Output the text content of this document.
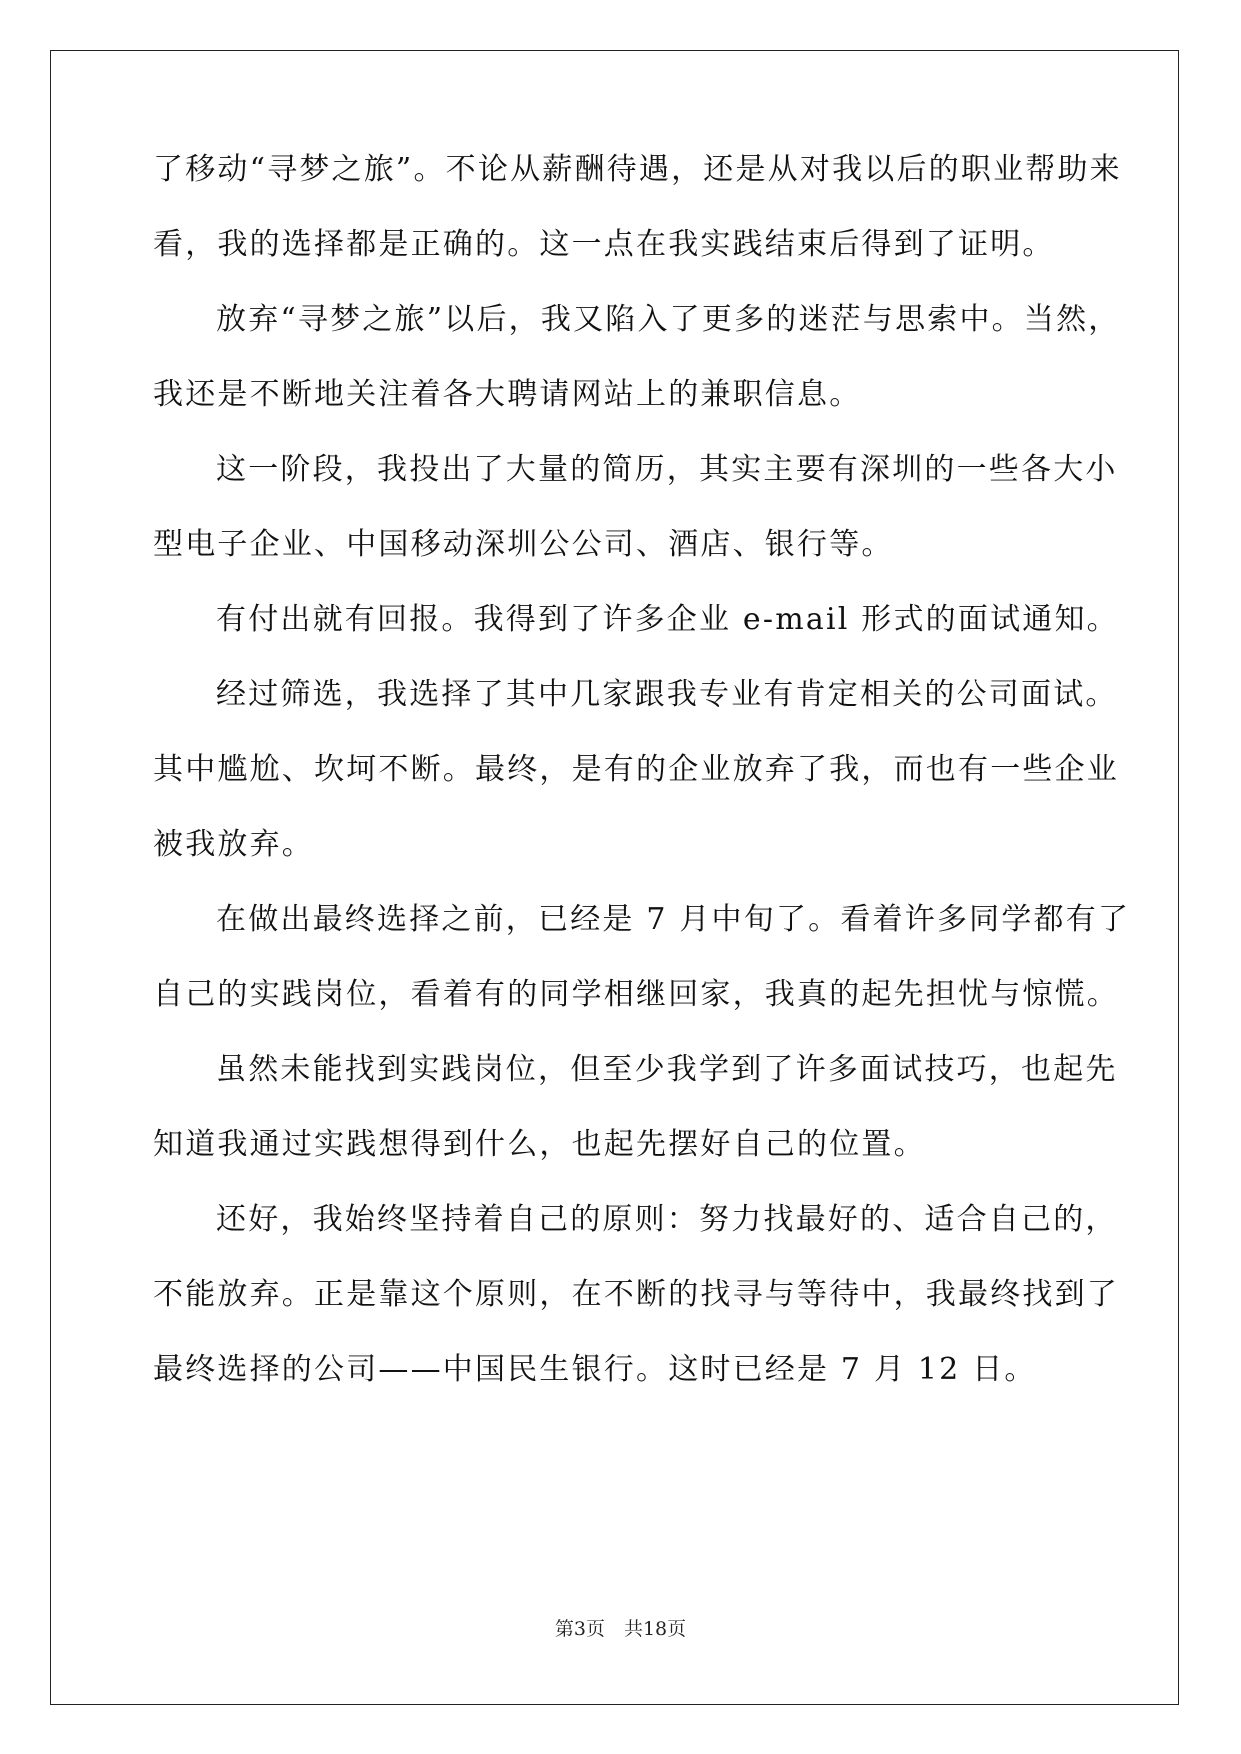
了移动“寻梦之旅”。不论从薪酬待遇，还是从对我以后的职业帮助来

看，我的选择都是正确的。这一点在我实践结束后得到了证明。

放弃“寻梦之旅”以后，我又陷入了更多的迷茫与思索中。当然，

我还是不断地关注着各大聘请网站上的兼职信息。

这一阶段，我投出了大量的简历，其实主要有深圳的一些各大小

型电子企业、中国移动深圳公公司、酒店、银行等。

有付出就有回报。我得到了许多企业 e-mail 形式的面试通知。

经过筛选，我选择了其中几家跟我专业有肯定相关的公司面试。

其中尴尬、坎坷不断。最终，是有的企业放弃了我，而也有一些企业

被我放弃。

在做出最终选择之前，已经是 7 月中旬了。看着许多同学都有了

自己的实践岗位，看着有的同学相继回家，我真的起先担忧与惊慌。

虽然未能找到实践岗位，但至少我学到了许多面试技巧，也起先

知道我通过实践想得到什么，也起先摆好自己的位置。

还好，我始终坚持着自己的原则：努力找最好的、适合自己的，

不能放弃。正是靠这个原则，在不断的找寻与等待中，我最终找到了

最终选择的公司——中国民生银行。这时已经是 7 月 12 日。

第3页　共18页
